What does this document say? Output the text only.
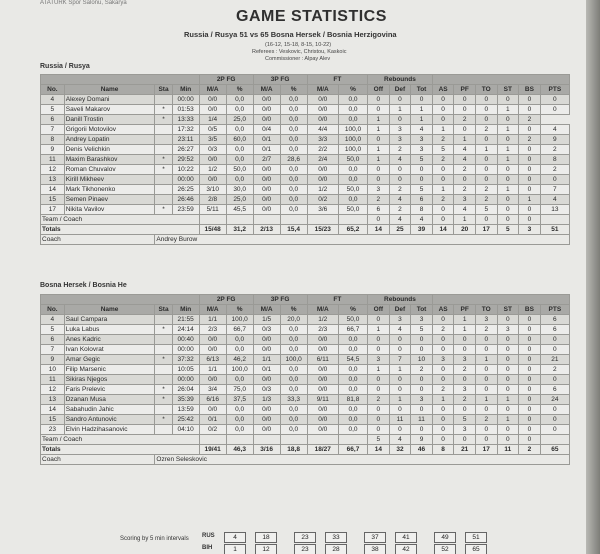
ATATÜRK Spor Salonu, Sakarya
GAME STATISTICS
Russia / Rusya 51 vs 65 Bosna Hersek / Bosnia Herzigovina
(16-12, 15-18, 8-15, 10-22)
Referees : Veskovic, Christou, Kaskoic
Commissioner : Alpay Alev
Russia / Rusya
				2P FG		3P FG		FT		Rebounds								
No.	Name	Sta	Min	M/A	%	M/A	%	M/A	%	Off	Def	Tot	AS	PF	TO	ST	BS	PTS
4	Alexey Domani		00:00	0/0	0,0	0/0	0,0	0/0	0,0	0	0	0	0	0	0	0	0	0
5	Saveli Makarov	*	01:53	0/0	0,0	0/0	0,0	0/0	0,0	0	1	1	0	0	0	1	0	0
6	Danill Trostin	*	13:33	1/4	25,0	0/0	0,0	0/0	0,0	1	0	1	0	2	0	0	2	
7	Grigorii Motovilov		17:32	0/5	0,0	0/4	0,0	4/4	100,0	1	3	4	1	0	2	1	0	4
8	Andrey Lopatin		23:11	3/5	60,0	0/1	0,0	3/3	100,0	0	3	3	2	1	0	0	2	9
9	Denis Velichkin		26:27	0/3	0,0	0/1	0,0	2/2	100,0	1	2	3	5	4	1	1	0	2
11	Maxim Barashkov	*	29:52	0/0	0,0	2/7	28,6	2/4	50,0	1	4	5	2	4	0	1	0	8
12	Roman Chuvalov	*	10:22	1/2	50,0	0/0	0,0	0/0	0,0	0	0	0	0	2	0	0	0	2
13	Kirill Mikheev		00:00	0/0	0,0	0/0	0,0	0/0	0,0	0	0	0	0	0	0	0	0	0
14	Mark Tikhonenko		26:25	3/10	30,0	0/0	0,0	1/2	50,0	3	2	5	1	2	2	1	0	7
15	Semen Pinaev		26:46	2/8	25,0	0/0	0,0	0/2	0,0	2	4	6	2	3	2	0	1	4
17	Nikita Vavilov	*	23:59	5/11	45,5	0/0	0,0	3/6	50,0	6	2	8	0	4	5	0	0	13
Team / Coach										0	4	4	0	1	0	0	0	
Totals				15/48	31,2	2/13	15,4	15/23	65,2	14	25	39	14	20	17	5	3	51
Coach		Andrey Burow																
Bosna Hersek / Bosnia He
				2P FG		3P FG		FT		Rebounds								
No.	Name	Sta	Min	M/A	%	M/A	%	M/A	%	Off	Def	Tot	AS	PF	TO	ST	BS	PTS
4	Saul Campara		21:55	1/1	100,0	1/5	20,0	1/2	50,0	0	3	3	0	1	3	0	0	6
5	Luka Labus	*	24:14	2/3	66,7	0/3	0,0	2/3	66,7	1	4	5	2	1	2	3	0	6
6	Anes Kadric		00:40	0/0	0,0	0/0	0,0	0/0	0,0	0	0	0	0	0	0	0	0	0
7	Ivan Kolovrat		00:00	0/0	0,0	0/0	0,0	0/0	0,0	0	0	0	0	0	0	0	0	0
9	Amar Gegic	*	37:32	6/13	46,2	1/1	100,0	6/11	54,5	3	7	10	3	3	1	0	0	21
10	Filip Marsenic		10:05	1/1	100,0	0/1	0,0	0/0	0,0	1	1	2	0	2	0	0	0	2
11	Sikiras Njegos		00:00	0/0	0,0	0/0	0,0	0/0	0,0	0	0	0	0	0	0	0	0	0
12	Faris Prelevic	*	26:04	3/4	75,0	0/3	0,0	0/0	0,0	0	0	0	2	3	0	0	0	6
13	Dzanan Musa	*	35:39	6/16	37,5	1/3	33,3	9/11	81,8	2	1	3	1	2	1	1	0	24
14	Sabahudin Jahic		13:59	0/0	0,0	0/0	0,0	0/0	0,0	0	0	0	0	0	0	0	0	0
15	Sandro Antunovic	*	25:42	0/1	0,0	0/0	0,0	0/0	0,0	0	11	11	0	5	2	1	0	0
23	Elvin Hadzihasanovic		04:10	0/2	0,0	0/0	0,0	0/0	0,0	0	0	0	0	3	0	0	0	0
Team / Coach										5	4	9	0	0	0	0	0	
Totals				19/41	46,3	3/16	18,8	18/27	66,7	14	32	46	8	21	17	11	2	65
Coach		Ozren Seleskovic																
Scoring by 5 min intervals RUS	4	18	23	33	37	41	49	51
BIH	1	12	23	28	38	42	52	65
